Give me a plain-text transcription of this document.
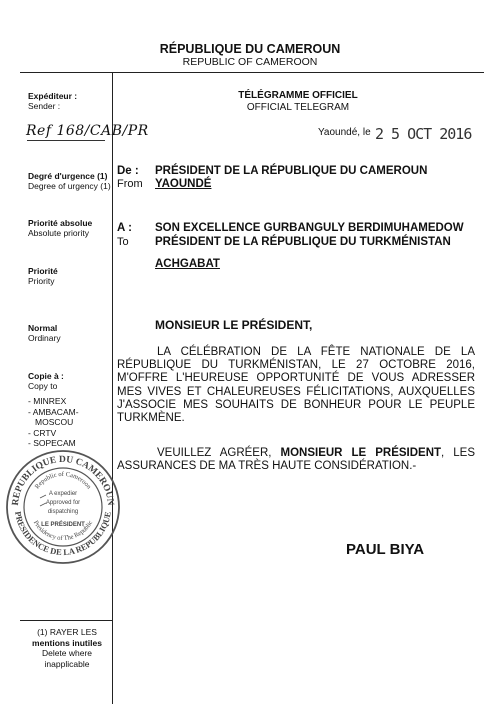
RÉPUBLIQUE DU CAMEROUN
REPUBLIC OF CAMEROON
TÉLÉGRAMME OFFICIEL
OFFICIAL TELEGRAM
Expéditeur :
Sender :
Ref 168/CAB/PR	Yaoundé, le 2 5 OCT 2016
Degré d'urgence (1)
Degree of urgency (1)
Priorité absolue
Absolute priority
Priorité
Priority
Normal
Ordinary
Copie à :
Copy to
- MINREX
- AMBACAM-
MOSCOU
- CRTV
- SOPECAM
(1) RAYER LES
mentions inutiles
Delete where
inapplicable
De :
From
PRÉSIDENT DE LA RÉPUBLIQUE DU CAMEROUN
YAOUNDÉ
A :
To
SON EXCELLENCE GURBANGULY BERDIMUHAMEDOW
PRÉSIDENT DE LA RÉPUBLIQUE DU TURKMÉNISTAN
ACHGABAT
MONSIEUR LE PRÉSIDENT,
LA CÉLÉBRATION DE LA FÊTE NATIONALE DE LA RÉPUBLIQUE DU TURKMÉNISTAN, LE 27 OCTOBRE 2016, M'OFFRE L'HEUREUSE OPPORTUNITÉ DE VOUS ADRESSER MES VIVES ET CHALEUREUSES FÉLICITATIONS, AUXQUELLES J'ASSOCIE MES SOUHAITS DE BONHEUR POUR LE PEUPLE TURKMÈNE.
VEUILLEZ AGRÉER, MONSIEUR LE PRÉSIDENT, LES ASSURANCES DE MA TRÈS HAUTE CONSIDÉRATION.-
PAUL BIYA
REPUBLIQUE DU CAMEROUN
PRESIDENCE DE LA REPUBLIQUE
Republic of Cameroon
Presidency of The Republic
A expedier
Approved for
dispatching
LE PRÉSIDENT
